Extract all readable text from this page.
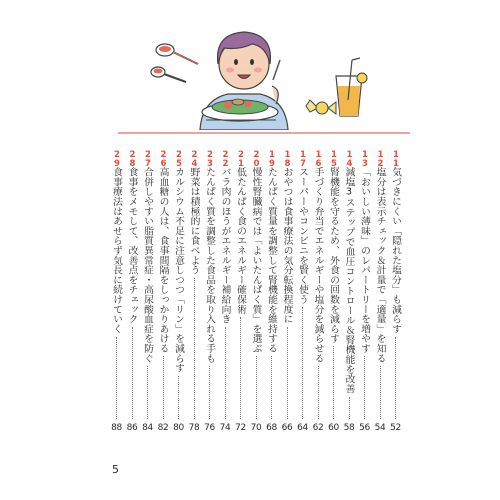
11
気づきにくい「隠れた塩分」も減らす
52
12
塩分は表示チェック＆計量で「適量」を知る
54
13
「おいしい薄味」のレパートリーを増やす
56
14
減塩3ステップで血圧コントロール＆腎機能を改善
58
15
腎機能を守るため、外食の回数を減らす
60
16
手づくり弁当でエネルギーや塩分を減らせる
62
17
スーパーやコンビニを賢く使う
64
18
おやつは食事療法の気分転換程度に
66
19
たんぱく質量を調整して腎機能を維持する
68
20
慢性腎臓病では「よいたんぱく質」を選ぶ
70
21
低たんぱく食のエネルギー確保術
72
22
バラ肉のほうがエネルギー補給向き
74
23
たんぱく質を調整した食品を取り入れる手も
76
24
野菜は積極的に食べよう
78
25
カルシウム不足に注意しつつ「リン」を減らす
80
26
高血糖の人は、食事間隔をしっかりあける
82
27
合併しやすい脂質異常症・高尿酸血症を防ぐ
84
28
食事をメモして、改善点をチェック
86
29
食事療法はあせらず気長に続けていく
88
5
